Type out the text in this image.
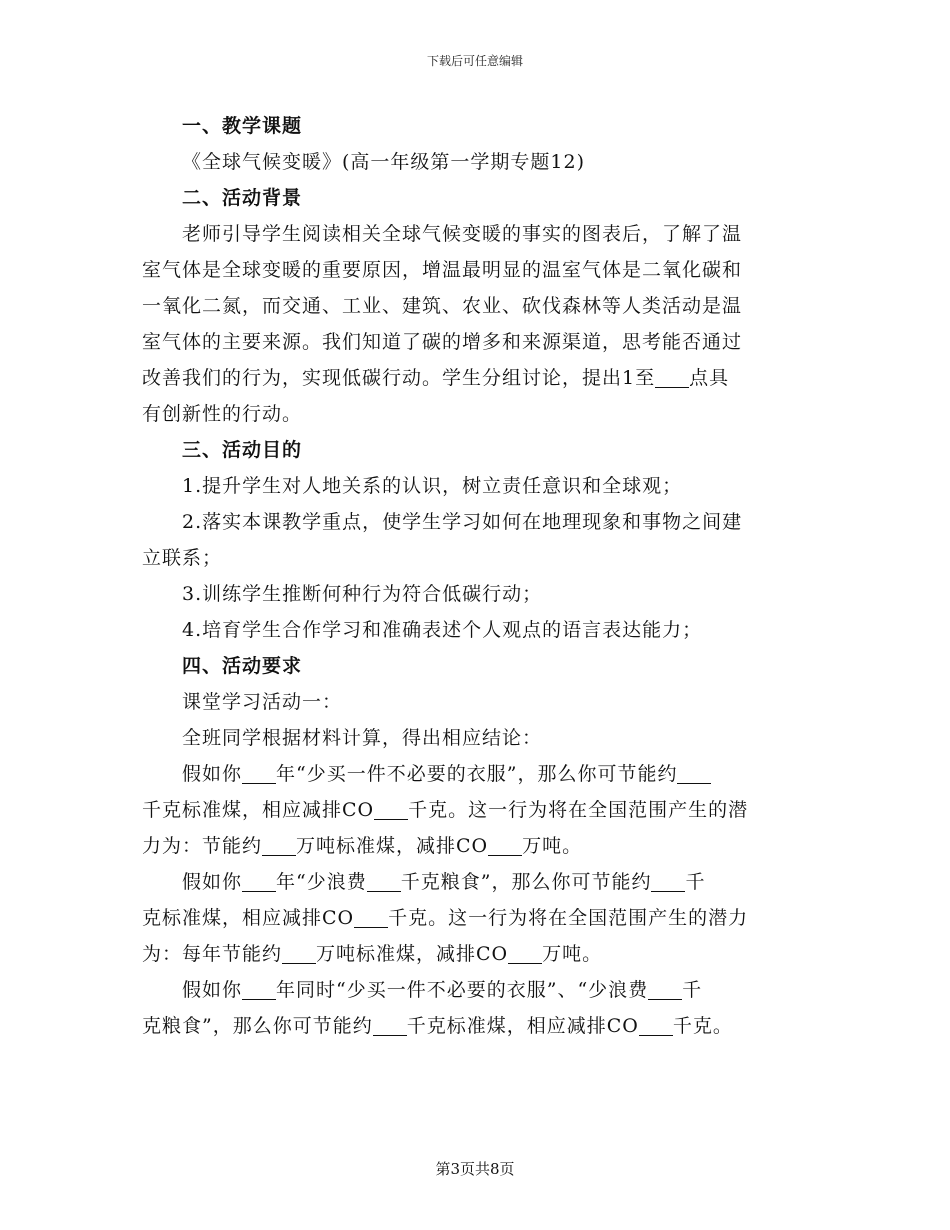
下载后可任意编辑
一、教学课题
《全球气候变暖》(高一年级第一学期专题12)
二、活动背景
老师引导学生阅读相关全球气候变暖的事实的图表后，了解了温
室气体是全球变暖的重要原因，增温最明显的温室气体是二氧化碳和
一氧化二氮，而交通、工业、建筑、农业、砍伐森林等人类活动是温
室气体的主要来源。我们知道了碳的增多和来源渠道，思考能否通过
改善我们的行为，实现低碳行动。学生分组讨论，提出1至 点具
有创新性的行动。
三、活动目的
1.提升学生对人地关系的认识，树立责任意识和全球观；
2.落实本课教学重点，使学生学习如何在地理现象和事物之间建
立联系；
3.训练学生推断何种行为符合低碳行动；
4.培育学生合作学习和准确表述个人观点的语言表达能力；
四、活动要求
课堂学习活动一：
全班同学根据材料计算，得出相应结论：
假如你 年“少买一件不必要的衣服”，那么你可节能约
千克标准煤，相应减排CO 千克。这一行为将在全国范围产生的潜
力为：节能约 万吨标准煤，减排CO 万吨。
假如你 年“少浪费 千克粮食”，那么你可节能约 千
克标准煤，相应减排CO 千克。这一行为将在全国范围产生的潜力
为：每年节能约 万吨标准煤，减排CO 万吨。
假如你 年同时“少买一件不必要的衣服”、“少浪费 千
克粮食”，那么你可节能约 千克标准煤，相应减排CO 千克。
第3页共8页
